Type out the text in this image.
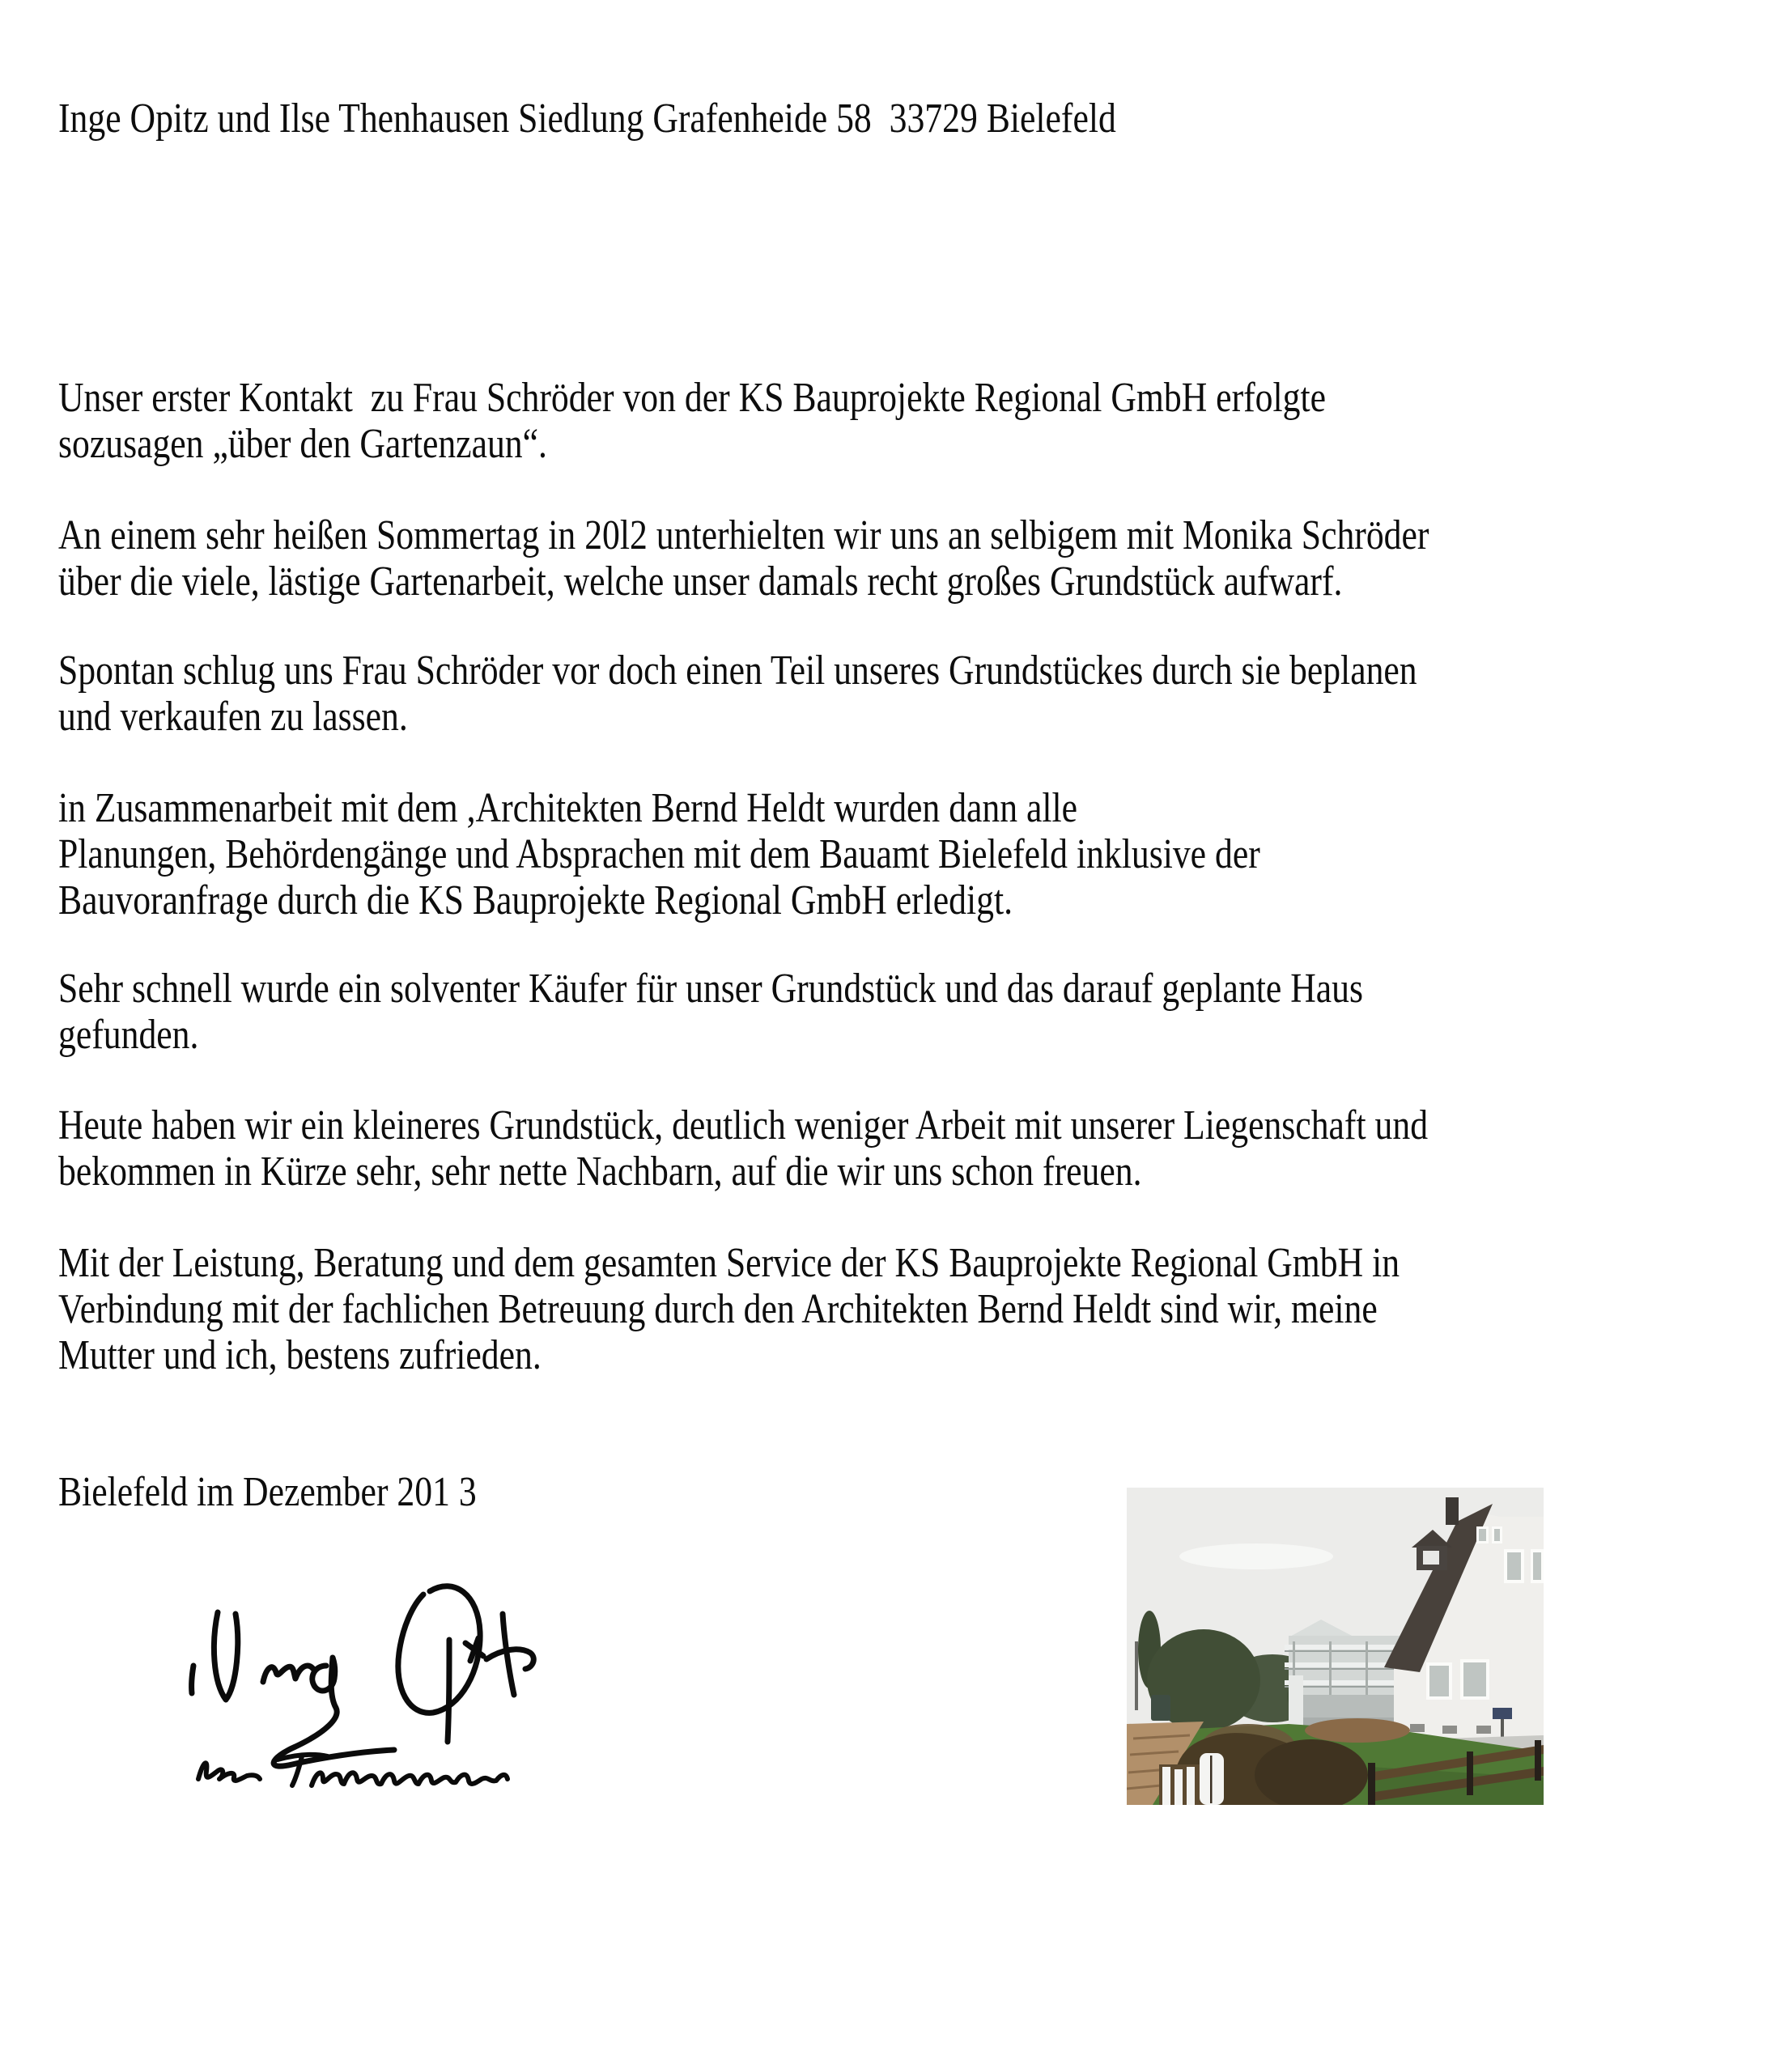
Inge Opitz und Ilse Thenhausen Siedlung Grafenheide 58  33729 Bielefeld
Unser erster Kontakt  zu Frau Schröder von der KS Bauprojekte Regional GmbH erfolgte
sozusagen „über den Gartenzaun“.
An einem sehr heißen Sommertag in 20l2 unterhielten wir uns an selbigem mit Monika Schröder
über die viele, lästige Gartenarbeit, welche unser damals recht großes Grundstück aufwarf.
Spontan schlug uns Frau Schröder vor doch einen Teil unseres Grundstückes durch sie beplanen
und verkaufen zu lassen.
in Zusammenarbeit mit dem ,Architekten Bernd Heldt wurden dann alle
Planungen, Behördengänge und Absprachen mit dem Bauamt Bielefeld inklusive der
Bauvoranfrage durch die KS Bauprojekte Regional GmbH erledigt.
Sehr schnell wurde ein solventer Käufer für unser Grundstück und das darauf geplante Haus
gefunden.
Heute haben wir ein kleineres Grundstück, deutlich weniger Arbeit mit unserer Liegenschaft und
bekommen in Kürze sehr, sehr nette Nachbarn, auf die wir uns schon freuen.
Mit der Leistung, Beratung und dem gesamten Service der KS Bauprojekte Regional GmbH in
Verbindung mit der fachlichen Betreuung durch den Architekten Bernd Heldt sind wir, meine
Mutter und ich, bestens zufrieden.
Bielefeld im Dezember 201 3
